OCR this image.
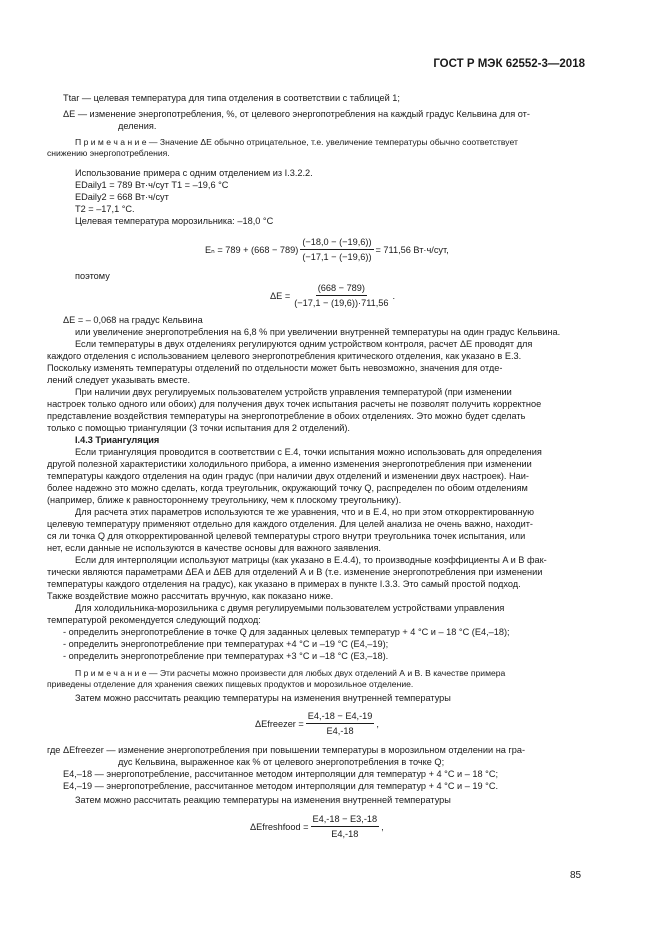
ГОСТ Р МЭК 62552-3—2018
Ttar — целевая температура для типа отделения в соответствии с таблицей 1;
ΔE — изменение энергопотребления, %, от целевого энергопотребления на каждый градус Кельвина для от-
деления.
П р и м е ч а н и е — Значение ΔE обычно отрицательное, т.е. увеличение температуры обычно соответствует
снижению энергопотребления.
Использование примера с одним отделением из I.3.2.2.
EDaily1 = 789 Вт·ч/сут T1 = –19,6 °C
EDaily2 = 668 Вт·ч/сут
T2 = –17,1 °C.
Целевая температура морозильника: –18,0 °C
$E_n = 789 + (668 - 789) \frac{(-18,0 - (-19,6))}{(-17,1 - (-19,6))} = 711,56$ Вт·ч/сут,
поэтому
$\Delta E = \frac{(668 - 789)}{(-17,1 - (19,6))\cdot 711,56}$ .
ΔE = – 0,068 на градус Кельвина
или увеличение энергопотребления на 6,8 % при увеличении внутренней температуры на один градус Кельвина.
Если температуры в двух отделениях регулируются одним устройством контроля, расчет ΔE проводят для
каждого отделения с использованием целевого энергопотребления критического отделения, как указано в Е.3.
Поскольку изменять температуры отделений по отдельности может быть невозможно, значения для отде-
лений следует указывать вместе.
При наличии двух регулируемых пользователем устройств управления температурой (при изменении
настроек только одного или обоих) для получения двух точек испытания расчеты не позволят получить корректное
представление воздействия температуры на энергопотребление в обоих отделениях. Это можно будет сделать
только с помощью триангуляции (3 точки испытания для 2 отделений).
I.4.3 Триангуляция
Если триангуляция проводится в соответствии с Е.4, точки испытания можно использовать для определения
другой полезной характеристики холодильного прибора, а именно изменения энергопотребления при изменении
температуры каждого отделения на один градус (при наличии двух отделений и изменении двух настроек). Наи-
более надежно это можно сделать, когда треугольник, окружающий точку Q, распределен по обоим отделениям
(например, ближе к равностороннему треугольнику, чем к плоскому треугольнику).
Для расчета этих параметров используются те же уравнения, что и в Е.4, но при этом откорректированную
целевую температуру применяют отдельно для каждого отделения. Для целей анализа не очень важно, находит-
ся ли точка Q для откорректированной целевой температуры строго внутри треугольника точек испытания, или
нет, если данные не используются в качестве основы для важного заявления.
Если для интерполяции используют матрицы (как указано в Е.4.4), то производные коэффициенты A и B фак-
тически являются параметрами ΔEA и ΔEB для отделений А и В (т.е. изменение энергопотребления при изменении
температуры каждого отделения на градус), как указано в примерах в пункте I.3.3. Это самый простой подход.
Также воздействие можно рассчитать вручную, как показано ниже.
Для холодильника-морозильника с двумя регулируемыми пользователем устройствами управления
температурой рекомендуется следующий подход:
- определить энергопотребление в точке Q для заданных целевых температур + 4 °C и – 18 °C (E4,–18);
- определить энергопотребление при температурах +4 °C и –19 °C (E4,–19);
- определить энергопотребление при температурах +3 °C и –18 °C (E3,–18).
П р и м е ч а н и е — Эти расчеты можно произвести для любых двух отделений А и В. В качестве примера
приведены отделение для хранения свежих пищевых продуктов и морозильное отделение.
Затем можно рассчитать реакцию температуры на изменения внутренней температуры
ΔEfreezer = $\frac{E4,-18 - E4,-19}{E4,-18}$ ,
где ΔEfreezer — изменение энергопотребления при повышении температуры в морозильном отделении на гра-
дус Кельвина, выраженное как % от целевого энергопотребления в точке Q;
E4,–18 — энергопотребление, рассчитанное методом интерполяции для температур + 4 °C и – 18 °C;
E4,–19 — энергопотребление, рассчитанное методом интерполяции для температур + 4 °C и – 19 °C.
Затем можно рассчитать реакцию температуры на изменения внутренней температуры
ΔEfreshfood = $\frac{E4,-18 - E3,-18}{E4,-18}$ ,
85
